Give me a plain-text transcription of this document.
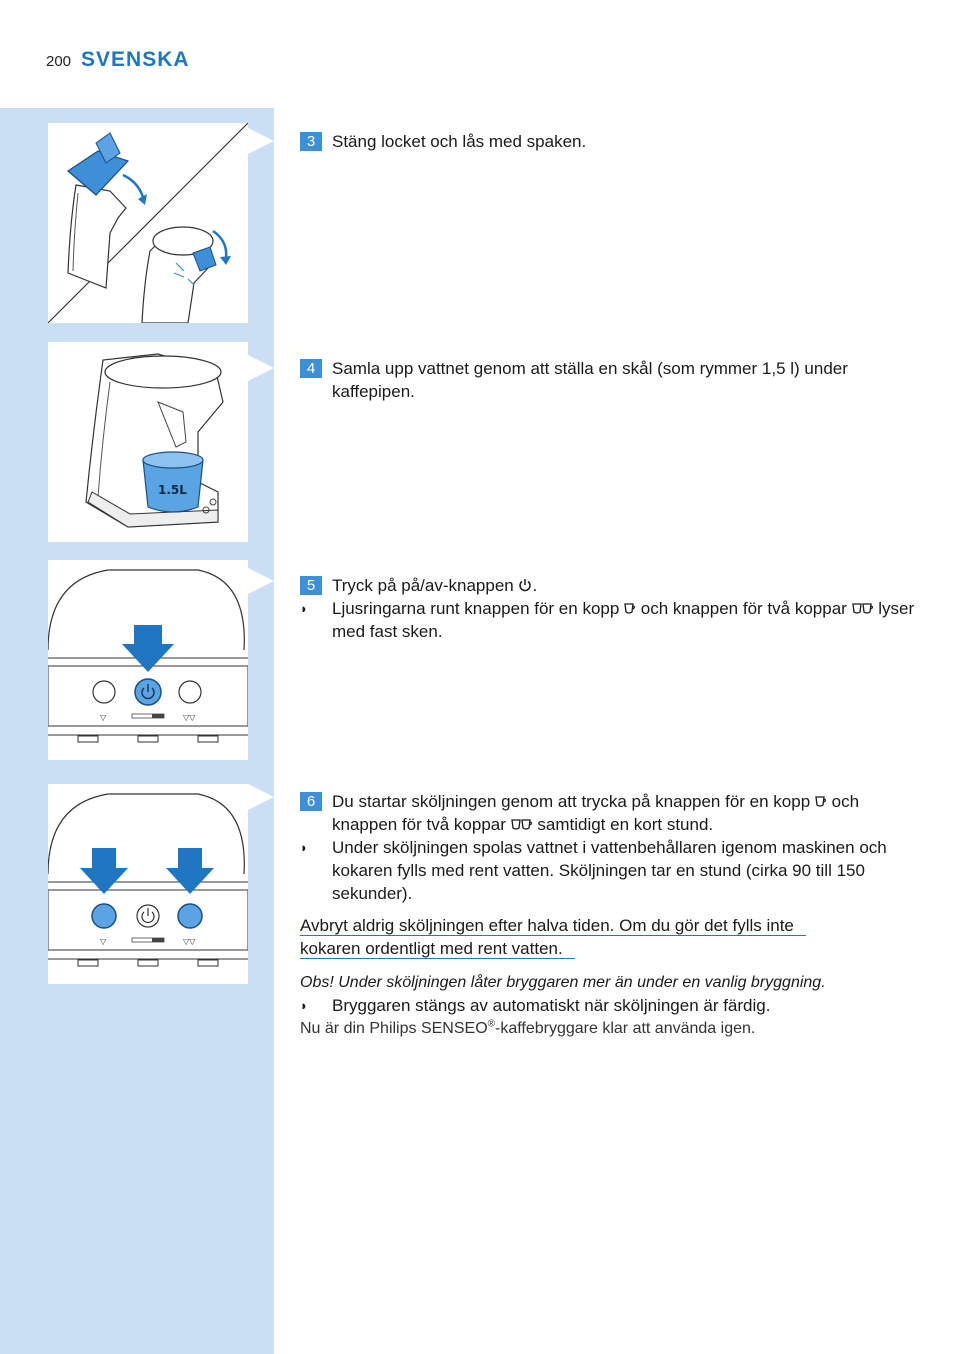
200 SVENSKA
1.5L
▽	▽▽
▽	▽▽
3 Stäng locket och lås med spaken.
4 Samla upp vattnet genom att ställa en skål (som rymmer 1,5 l) under kaffepipen.
5 Tryck på på/av-knappen .
◗	Ljusringarna runt knappen för en kopp och knappen för två koppar lyser med fast sken.
6 Du startar sköljningen genom att trycka på knappen för en kopp och knappen för två koppar samtidigt en kort stund.
◗	Under sköljningen spolas vattnet i vattenbehållaren igenom maskinen och kokaren fylls med rent vatten. Sköljningen tar en stund (cirka 90 till 150 sekunder).
Avbryt aldrig sköljningen efter halva tiden. Om du gör det fylls inte
kokaren ordentligt med rent vatten.
Obs! Under sköljningen låter bryggaren mer än under en vanlig bryggning.
◗	Bryggaren stängs av automatiskt när sköljningen är färdig.
Nu är din Philips SENSEO®-kaffebryggare klar att använda igen.
